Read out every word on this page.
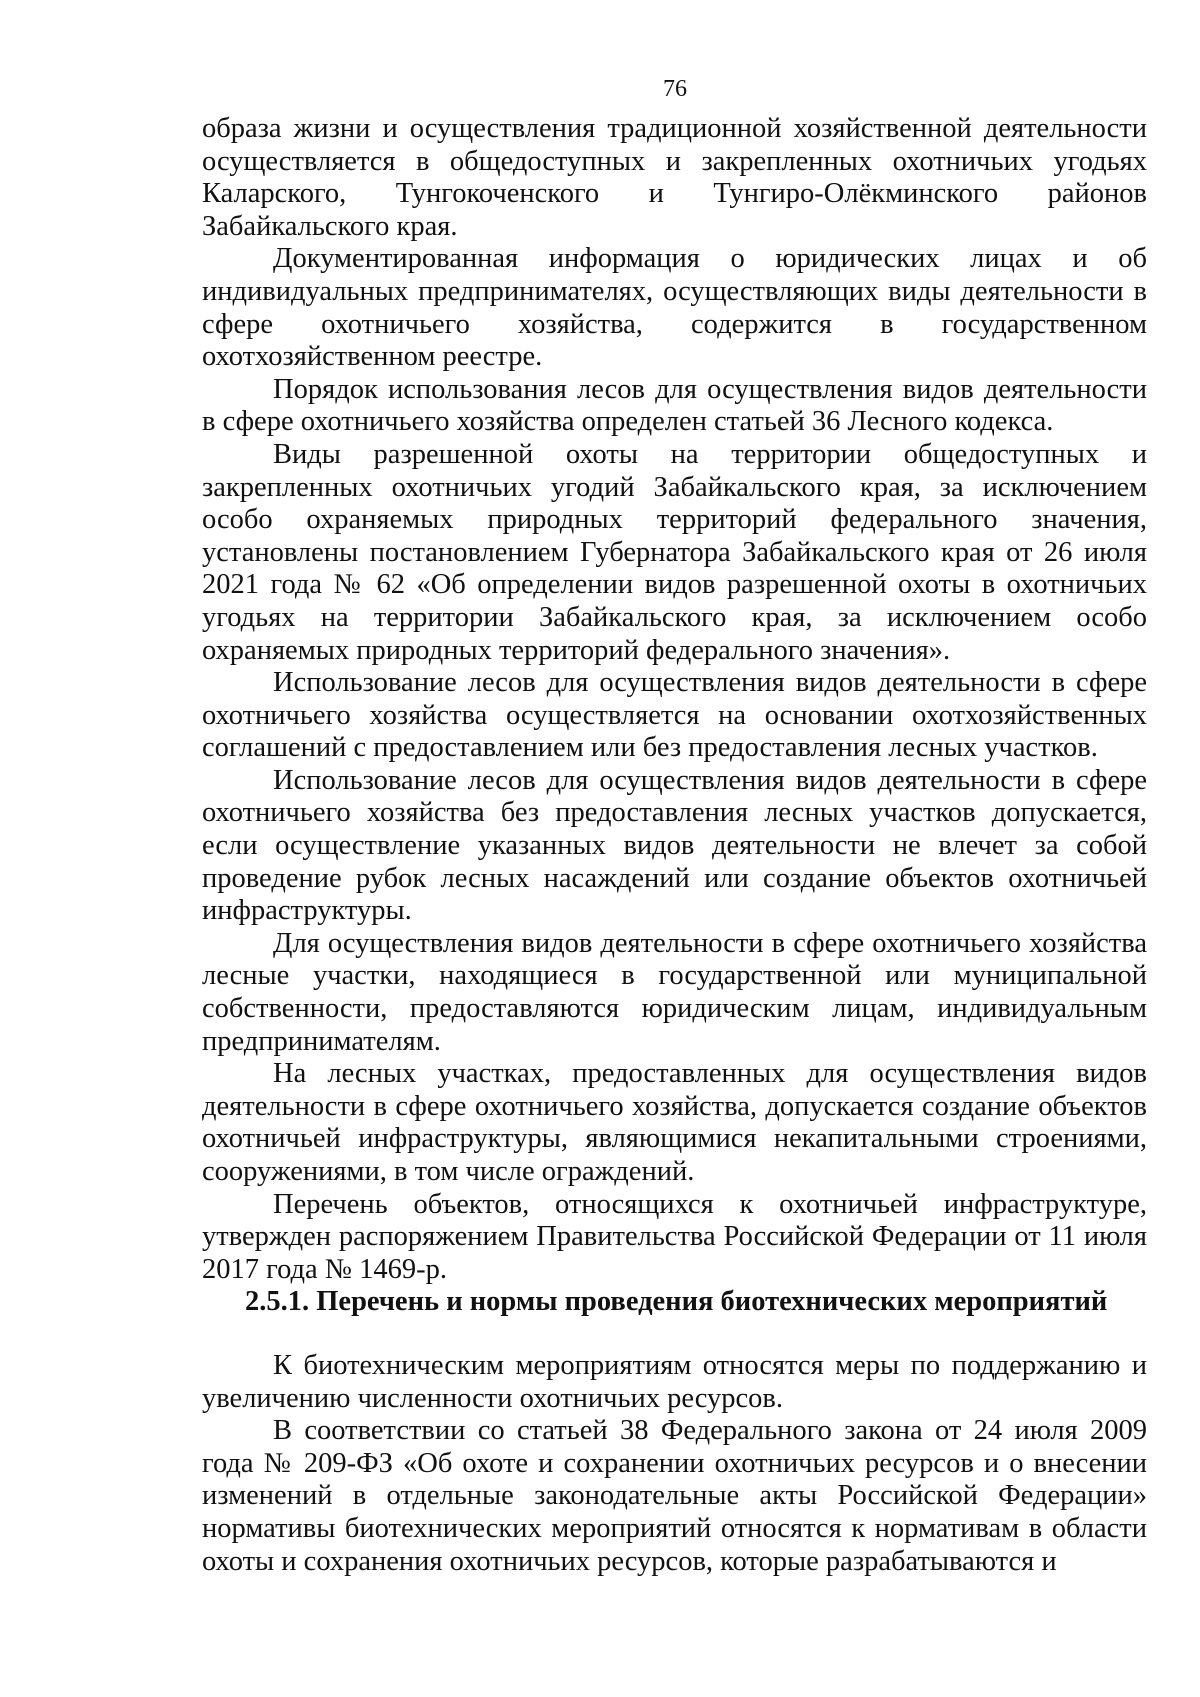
76

образа жизни и осуществления традиционной хозяйственной деятельности осуществляется в общедоступных и закрепленных охотничьих угодьях Каларского, Тунгокоченского и Тунгиро-Олёкминского районов Забайкальского края.

Документированная информация о юридических лицах и об индивидуальных предпринимателях, осуществляющих виды деятельности в сфере охотничьего хозяйства, содержится в государственном охотхозяйственном реестре.

Порядок использования лесов для осуществления видов деятельности в сфере охотничьего хозяйства определен статьей 36 Лесного кодекса.

Виды разрешенной охоты на территории общедоступных и закрепленных охотничьих угодий Забайкальского края, за исключением особо охраняемых природных территорий федерального значения, установлены постановлением Губернатора Забайкальского края от 26 июля 2021 года № 62 «Об определении видов разрешенной охоты в охотничьих угодьях на территории Забайкальского края, за исключением особо охраняемых природных территорий федерального значения».

Использование лесов для осуществления видов деятельности в сфере охотничьего хозяйства осуществляется на основании охотхозяйственных соглашений с предоставлением или без предоставления лесных участков.

Использование лесов для осуществления видов деятельности в сфере охотничьего хозяйства без предоставления лесных участков допускается, если осуществление указанных видов деятельности не влечет за собой проведение рубок лесных насаждений или создание объектов охотничьей инфраструктуры.

Для осуществления видов деятельности в сфере охотничьего хозяйства лесные участки, находящиеся в государственной или муниципальной собственности, предоставляются юридическим лицам, индивидуальным предпринимателям.

На лесных участках, предоставленных для осуществления видов деятельности в сфере охотничьего хозяйства, допускается создание объектов охотничьей инфраструктуры, являющимися некапитальными строениями, сооружениями, в том числе ограждений.

Перечень объектов, относящихся к охотничьей инфраструктуре, утвержден распоряжением Правительства Российской Федерации от 11 июля 2017 года № 1469-р.

2.5.1. Перечень и нормы проведения биотехнических мероприятий

К биотехническим мероприятиям относятся меры по поддержанию и увеличению численности охотничьих ресурсов.

В соответствии со статьей 38 Федерального закона от 24 июля 2009 года № 209-ФЗ «Об охоте и сохранении охотничьих ресурсов и о внесении изменений в отдельные законодательные акты Российской Федерации» нормативы биотехнических мероприятий относятся к нормативам в области охоты и сохранения охотничьих ресурсов, которые разрабатываются и
